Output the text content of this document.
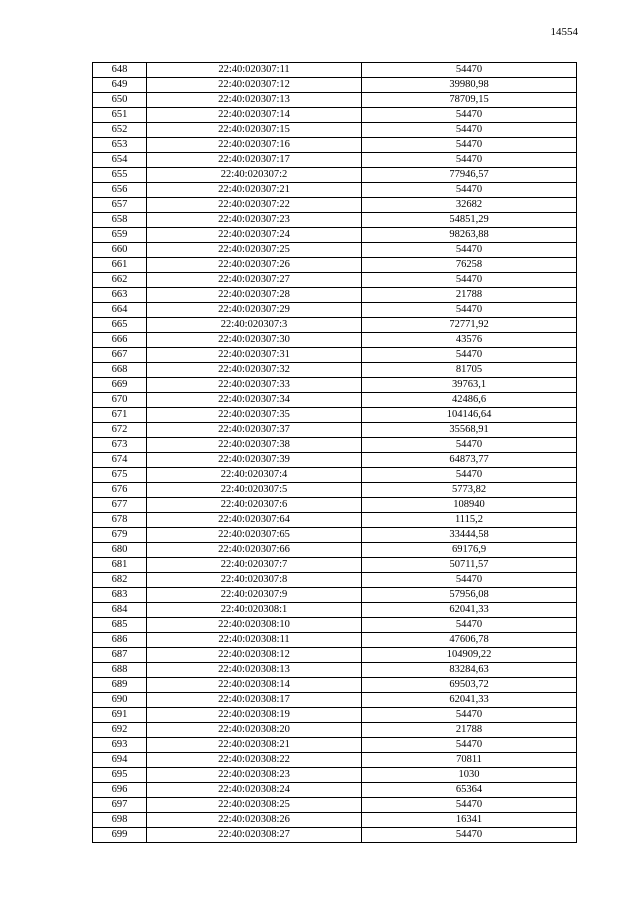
14554
648	22:40:020307:11	54470
649	22:40:020307:12	39980,98
650	22:40:020307:13	78709,15
651	22:40:020307:14	54470
652	22:40:020307:15	54470
653	22:40:020307:16	54470
654	22:40:020307:17	54470
655	22:40:020307:2	77946,57
656	22:40:020307:21	54470
657	22:40:020307:22	32682
658	22:40:020307:23	54851,29
659	22:40:020307:24	98263,88
660	22:40:020307:25	54470
661	22:40:020307:26	76258
662	22:40:020307:27	54470
663	22:40:020307:28	21788
664	22:40:020307:29	54470
665	22:40:020307:3	72771,92
666	22:40:020307:30	43576
667	22:40:020307:31	54470
668	22:40:020307:32	81705
669	22:40:020307:33	39763,1
670	22:40:020307:34	42486,6
671	22:40:020307:35	104146,64
672	22:40:020307:37	35568,91
673	22:40:020307:38	54470
674	22:40:020307:39	64873,77
675	22:40:020307:4	54470
676	22:40:020307:5	5773,82
677	22:40:020307:6	108940
678	22:40:020307:64	1115,2
679	22:40:020307:65	33444,58
680	22:40:020307:66	69176,9
681	22:40:020307:7	50711,57
682	22:40:020307:8	54470
683	22:40:020307:9	57956,08
684	22:40:020308:1	62041,33
685	22:40:020308:10	54470
686	22:40:020308:11	47606,78
687	22:40:020308:12	104909,22
688	22:40:020308:13	83284,63
689	22:40:020308:14	69503,72
690	22:40:020308:17	62041,33
691	22:40:020308:19	54470
692	22:40:020308:20	21788
693	22:40:020308:21	54470
694	22:40:020308:22	70811
695	22:40:020308:23	1030
696	22:40:020308:24	65364
697	22:40:020308:25	54470
698	22:40:020308:26	16341
699	22:40:020308:27	54470
